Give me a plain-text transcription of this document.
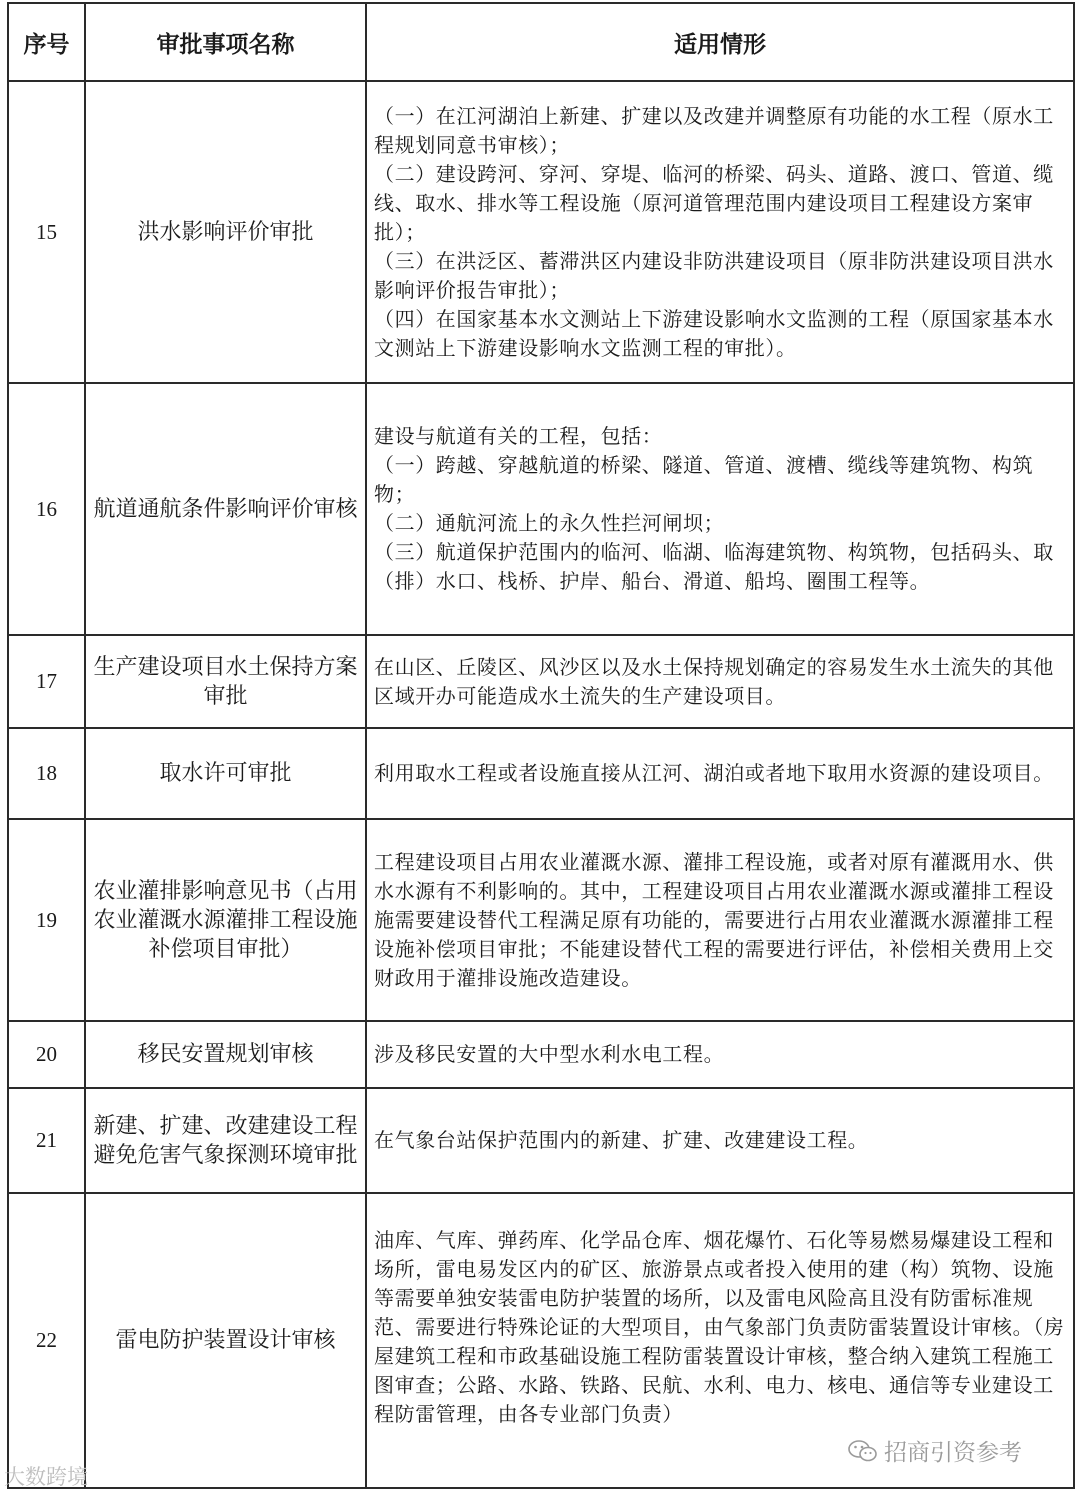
序号	审批事项名称	适用情形
15	洪水影响评价审批	（一）在江河湖泊上新建、扩建以及改建并调整原有功能的水工程（原水工程规划同意书审核）；
（二）建设跨河、穿河、穿堤、临河的桥梁、码头、道路、渡口、管道、缆线、取水、排水等工程设施（原河道管理范围内建设项目工程建设方案审批）；
（三）在洪泛区、蓄滞洪区内建设非防洪建设项目（原非防洪建设项目洪水影响评价报告审批）；
（四）在国家基本水文测站上下游建设影响水文监测的工程（原国家基本水文测站上下游建设影响水文监测工程的审批）。
16	航道通航条件影响评价审核	建设与航道有关的工程，包括：
（一）跨越、穿越航道的桥梁、隧道、管道、渡槽、缆线等建筑物、构筑物；
（二）通航河流上的永久性拦河闸坝；
（三）航道保护范围内的临河、临湖、临海建筑物、构筑物，包括码头、取（排）水口、栈桥、护岸、船台、滑道、船坞、圈围工程等。
17	生产建设项目水土保持方案审批	在山区、丘陵区、风沙区以及水土保持规划确定的容易发生水土流失的其他区域开办可能造成水土流失的生产建设项目。
18	取水许可审批	利用取水工程或者设施直接从江河、湖泊或者地下取用水资源的建设项目。
19	农业灌排影响意见书（占用农业灌溉水源灌排工程设施补偿项目审批）	工程建设项目占用农业灌溉水源、灌排工程设施，或者对原有灌溉用水、供水水源有不利影响的。其中，工程建设项目占用农业灌溉水源或灌排工程设施需要建设替代工程满足原有功能的，需要进行占用农业灌溉水源灌排工程设施补偿项目审批；不能建设替代工程的需要进行评估，补偿相关费用上交财政用于灌排设施改造建设。
20	移民安置规划审核	涉及移民安置的大中型水利水电工程。
21	新建、扩建、改建建设工程避免危害气象探测环境审批	在气象台站保护范围内的新建、扩建、改建建设工程。
22	雷电防护装置设计审核	油库、气库、弹药库、化学品仓库、烟花爆竹、石化等易燃易爆建设工程和场所，雷电易发区内的矿区、旅游景点或者投入使用的建（构）筑物、设施等需要单独安装雷电防护装置的场所，以及雷电风险高且没有防雷标准规范、需要进行特殊论证的大型项目，由气象部门负责防雷装置设计审核。（房屋建筑工程和市政基础设施工程防雷装置设计审核，整合纳入建筑工程施工图审查；公路、水路、铁路、民航、水利、电力、核电、通信等专业建设工程防雷管理，由各专业部门负责）
大数跨境
招商引资参考
